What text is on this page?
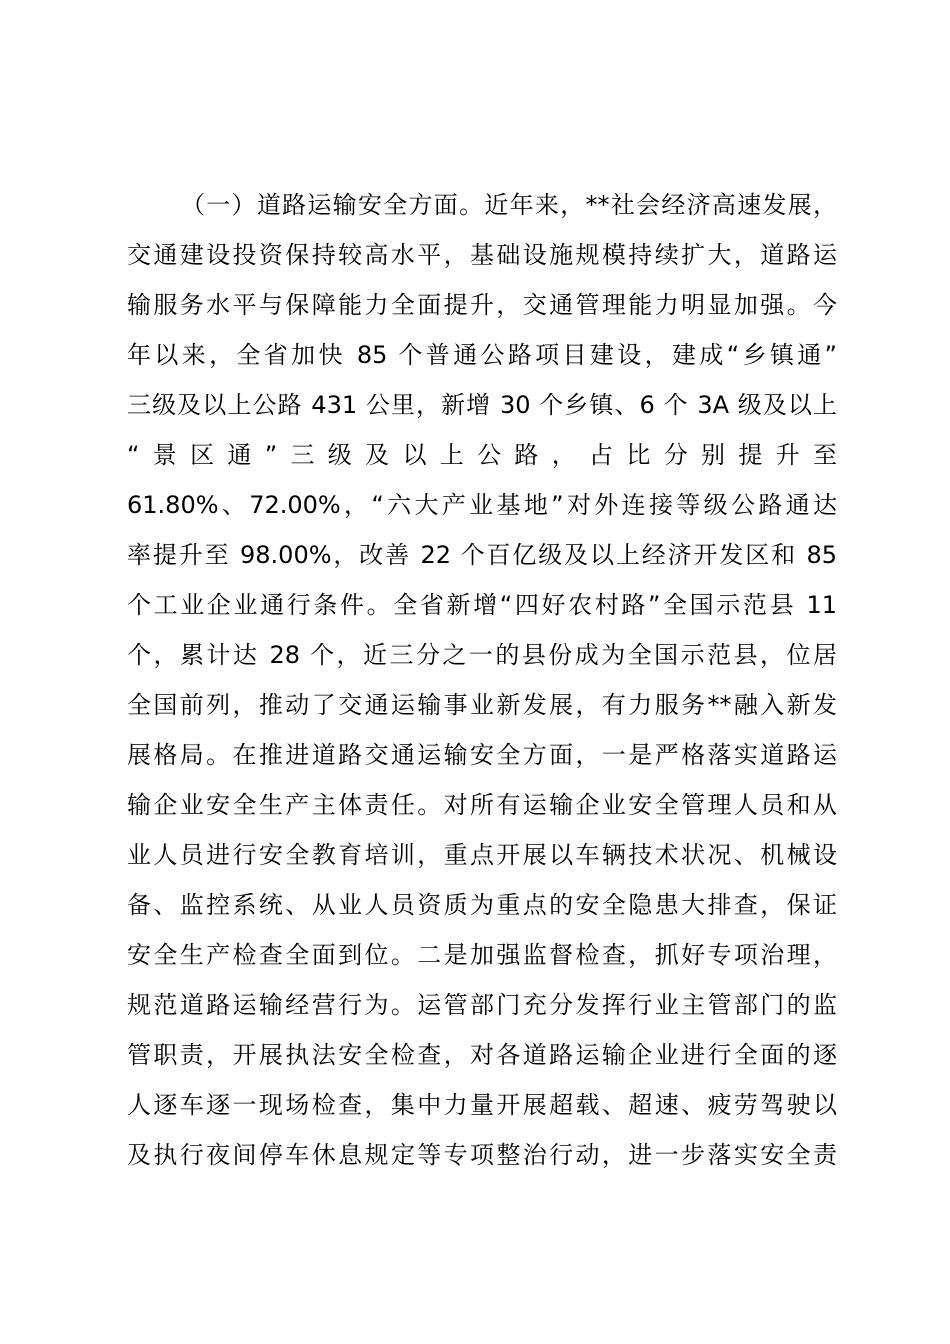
（一）道路运输安全方面。近年来，**社会经济高速发展，
交通建设投资保持较高水平，基础设施规模持续扩大，道路运
输服务水平与保障能力全面提升，交通管理能力明显加强。今
年以来，全省加快 85 个普通公路项目建设，建成“乡镇通”
三级及以上公路 431 公里，新增 30 个乡镇、6 个 3A 级及以上
“景区通”三级及以上公路，占比分别提升至
61.80%、72.00%，“六大产业基地”对外连接等级公路通达
率提升至 98.00%，改善 22 个百亿级及以上经济开发区和 85
个工业企业通行条件。全省新增“四好农村路”全国示范县 11
个，累计达 28 个，近三分之一的县份成为全国示范县，位居
全国前列，推动了交通运输事业新发展，有力服务**融入新发
展格局。在推进道路交通运输安全方面，一是严格落实道路运
输企业安全生产主体责任。对所有运输企业安全管理人员和从
业人员进行安全教育培训，重点开展以车辆技术状况、机械设
备、监控系统、从业人员资质为重点的安全隐患大排查，保证
安全生产检查全面到位。二是加强监督检查，抓好专项治理，
规范道路运输经营行为。运管部门充分发挥行业主管部门的监
管职责，开展执法安全检查，对各道路运输企业进行全面的逐
人逐车逐一现场检查，集中力量开展超载、超速、疲劳驾驶以
及执行夜间停车休息规定等专项整治行动，进一步落实安全责
